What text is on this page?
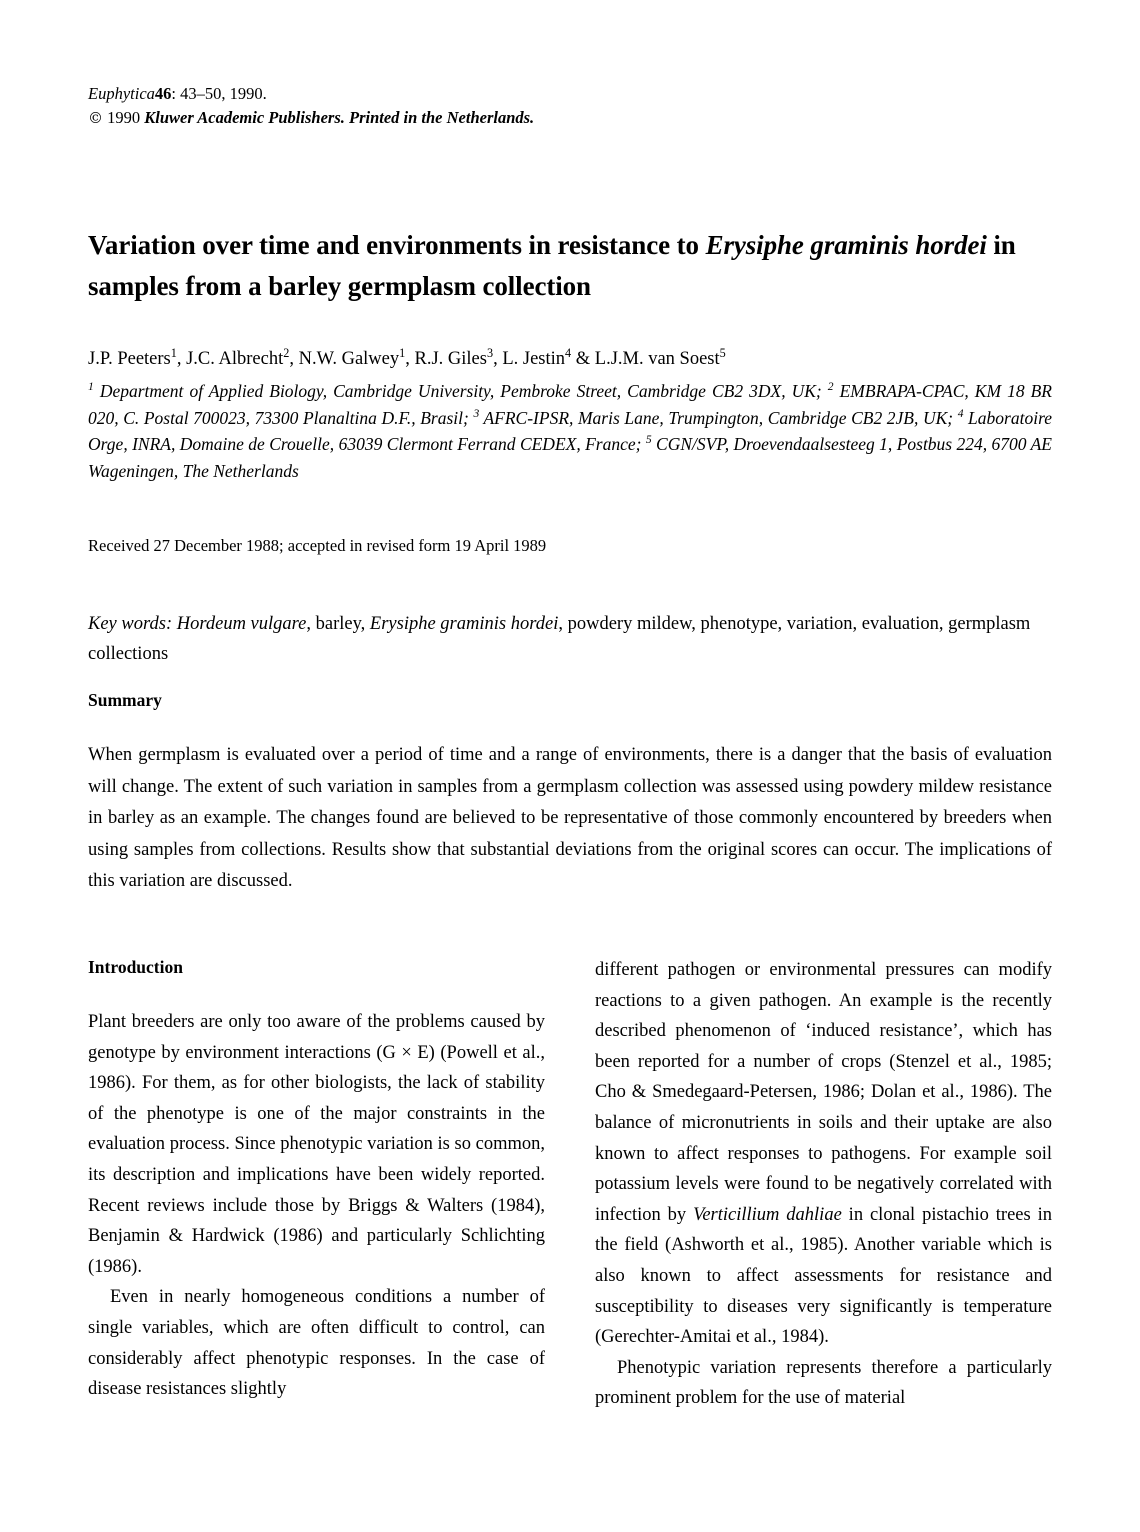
Euphytica46: 43–50, 1990.
© 1990 Kluwer Academic Publishers. Printed in the Netherlands.
Variation over time and environments in resistance to Erysiphe graminis hordei in samples from a barley germplasm collection
J.P. Peeters$^1$, J.C. Albrecht$^2$, N.W. Galwey$^1$, R.J. Giles$^3$, L. Jestin$^4$ & L.J.M. van Soest$^5$
$^1$ Department of Applied Biology, Cambridge University, Pembroke Street, Cambridge CB2 3DX, UK; $^2$ EMBRAPA-CPAC, KM 18 BR 020, C. Postal 700023, 73300 Planaltina D.F., Brasil; $^3$ AFRC-IPSR, Maris Lane, Trumpington, Cambridge CB2 2JB, UK; $^4$ Laboratoire Orge, INRA, Domaine de Crouelle, 63039 Clermont Ferrand CEDEX, France; $^5$ CGN/SVP, Droevendaalsesteeg 1, Postbus 224, 6700 AE Wageningen, The Netherlands
Received 27 December 1988; accepted in revised form 19 April 1989
Key words: Hordeum vulgare, barley, Erysiphe graminis hordei, powdery mildew, phenotype, variation, evaluation, germplasm collections
Summary
When germplasm is evaluated over a period of time and a range of environments, there is a danger that the basis of evaluation will change. The extent of such variation in samples from a germplasm collection was assessed using powdery mildew resistance in barley as an example. The changes found are believed to be representative of those commonly encountered by breeders when using samples from collections. Results show that substantial deviations from the original scores can occur. The implications of this variation are discussed.
Introduction

Plant breeders are only too aware of the problems caused by genotype by environment interactions (G × E) (Powell et al., 1986). For them, as for other biologists, the lack of stability of the phenotype is one of the major constraints in the evaluation process. Since phenotypic variation is so common, its description and implications have been widely reported. Recent reviews include those by Briggs & Walters (1984), Benjamin & Hardwick (1986) and particularly Schlichting (1986).

Even in nearly homogeneous conditions a number of single variables, which are often difficult to control, can considerably affect phenotypic responses. In the case of disease resistances slightly

different pathogen or environmental pressures can modify reactions to a given pathogen. An example is the recently described phenomenon of ‘induced resistance’, which has been reported for a number of crops (Stenzel et al., 1985; Cho & Smedegaard-Petersen, 1986; Dolan et al., 1986). The balance of micronutrients in soils and their uptake are also known to affect responses to pathogens. For example soil potassium levels were found to be negatively correlated with infection by Verticillium dahliae in clonal pistachio trees in the field (Ashworth et al., 1985). Another variable which is also known to affect assessments for resistance and susceptibility to diseases very significantly is temperature (Gerechter-Amitai et al., 1984).

Phenotypic variation represents therefore a particularly prominent problem for the use of material
